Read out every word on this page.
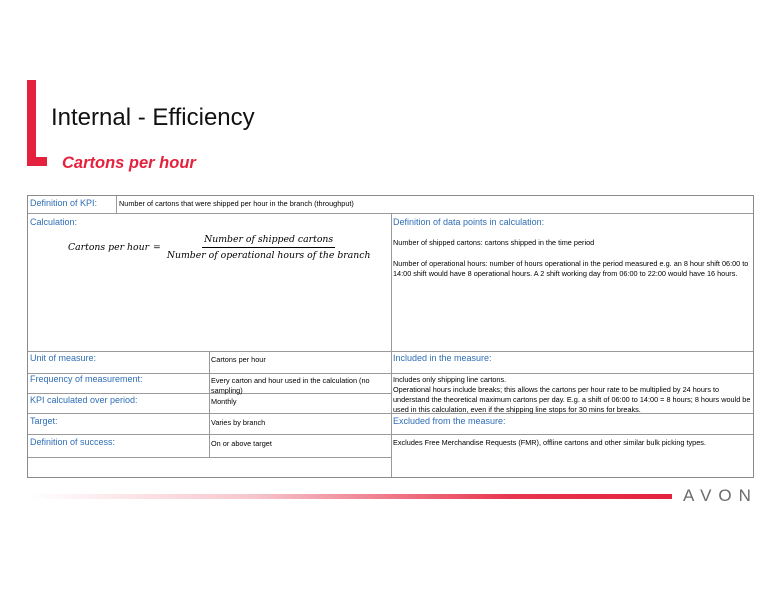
Internal - Efficiency
Cartons per hour
Definition of KPI:	Number of cartons that were shipped per hour in the branch (throughput)
Calculation:
Cartons per hour = $\frac{\text{Number of shipped cartons}}{\text{Number of operational hours of the branch}}$
Definition of data points in calculation:
Number of shipped cartons: cartons shipped in the time period
Number of operational hours: number of hours operational in the period measured e.g. an 8 hour shift 06:00 to 14:00 shift would have 8 operational hours. A 2 shift working day from 06:00 to 22:00 would have 16 hours.
Unit of measure:	Cartons per hour	Included in the measure:
Includes only shipping line cartons.
Operational hours include breaks; this allows the cartons per hour rate to be multiplied by 24 hours to understand the theoretical maximum cartons per day. E.g. a shift of 06:00 to 14:00 = 8 hours; 8 hours would be used in this calculation, even if the shipping line stops for 30 mins for breaks.
Frequency of measurement:	Every carton and hour used in the calculation (no sampling)
KPI calculated over period:	Monthly
Target:	Varies by branch	Excluded from the measure:
Excludes Free Merchandise Requests (FMR), offline cartons and other similar bulk picking types.
Definition of success:	On or above target
AVON
